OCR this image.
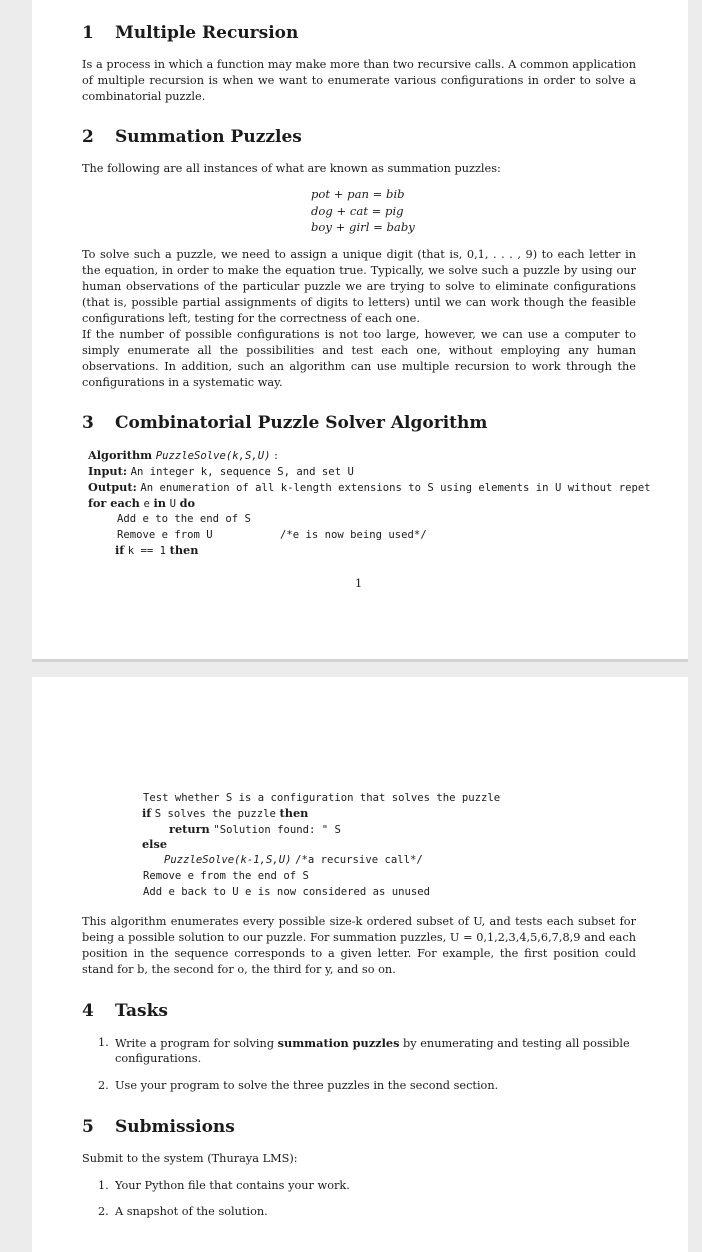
1 Multiple Recursion
Is a process in which a function may make more than two recursive calls. A common application of multiple recursion is when we want to enumerate various configurations in order to solve a combinatorial puzzle.
2 Summation Puzzles
The following are all instances of what are known as summation puzzles:
pot + pan = bib
dog + cat = pig
boy + girl = baby
To solve such a puzzle, we need to assign a unique digit (that is, 0,1, . . . , 9) to each letter in the equation, in order to make the equation true. Typically, we solve such a puzzle by using our human observations of the particular puzzle we are trying to solve to eliminate configurations (that is, possible partial assignments of digits to letters) until we can work though the feasible configurations left, testing for the correctness of each one.
If the number of possible configurations is not too large, however, we can use a computer to simply enumerate all the possibilities and test each one, without employing any human observations. In addition, such an algorithm can use multiple recursion to work through the configurations in a systematic way.
3 Combinatorial Puzzle Solver Algorithm
Algorithm PuzzleSolve(k,S,U) :
Input: An integer k, sequence S, and set U
Output: An enumeration of all k-length extensions to S using elements in U without repet
for each e in U do
Add e to the end of S
Remove e from U	/*e is now being used*/
if k == 1 then
1
Test whether S is a configuration that solves the puzzle
if S solves the puzzle then
return "Solution found: " S
else
PuzzleSolve(k-1,S,U) /*a recursive call*/
Remove e from the end of S
Add e back to U e is now considered as unused
This algorithm enumerates every possible size-k ordered subset of U, and tests each subset for being a possible solution to our puzzle. For summation puzzles, U = 0,1,2,3,4,5,6,7,8,9 and each position in the sequence corresponds to a given letter. For example, the first position could stand for b, the second for o, the third for y, and so on.
4 Tasks
1. Write a program for solving summation puzzles by enumerating and testing all possible
configurations.
2. Use your program to solve the three puzzles in the second section.
5 Submissions
Submit to the system (Thuraya LMS):
1. Your Python file that contains your work.
2. A snapshot of the solution.
